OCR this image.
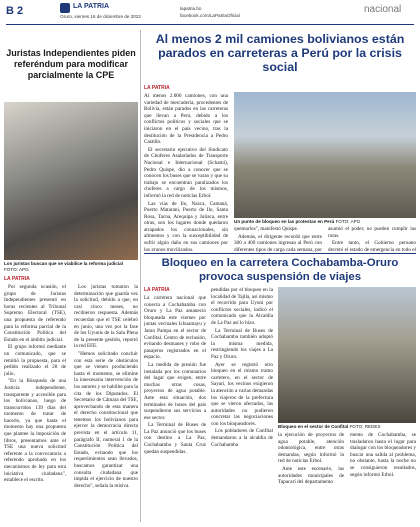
B 2	LA PATRIA
Oruro, viernes 16 de diciembre de 2022
lapatria.bo
facebook.com/LaPatriaOficial
nacional
Juristas Independientes piden referéndum para modificar parcialmente la CPE
Los juristas buscan que se viabilice la reforma judicial FOTO: APG
LA PATRIA

Por segunda ocasión, el grupo de Juristas Independientes presentó en horas recientes al Tribunal Supremo Electoral (TSE), una propuesta de referendo para la reforma parcial de la Constitución Política del Estado en el ámbito judicial.

El grupo informó mediante un comunicado, que se remitió la propuesta, para el pedido realizado el 28 de julio.

"En la Búsqueda de una Justicia independiente, transparente y accesible para los bolivianos, luego de transcurridos 139 días del momento de tratar de hacerlo, ya que hasta el momento hay una propuesta que plantee la imposición de libros, presentamos ante el TSE una nueva solicitud referente a la convocatoria a referendo aprobado en los mecanismos de ley para esta iniciativa ciudadana", establece el escrito.

Los juristas tomaron la determinación que guarda vez la solicitud, debido a que, en casi cinco meses, no recibieron respuesta. Además recuerdan que el TSE celebró en junio, una vez por la fase de los Uyunis de la Sala Plena de la presente gestión, reportó la red EFE.

"Hemos solicitado concluir con esta serie de obstáculos que se vienen produciendo hasta el momento, se elimine la innecesaria intervención de los autores y se habilite para la cita de los Diputados. El Secretario de Cámara del TSE, aprovechando de esta manera el derecho constitucional que tenemos los bolivianos para ejercer la democracia directa prevista en el artículo 11, parágrafo II, numeral 1 de la Constitución Política del Estado, evitando que los requerimientos sean llevados, buscamos garantizar una consulta ciudadana que impida el ejercicio de nuestro derecho", señala la misiva.

Al menos 2 mil camiones bolivianos están parados en carreteras a Perú por la crisis social
LA PATRIA

Al menos 2.000 camiones, con una variedad de mercadería, procedentes de Bolivia, están parados en las carreteras que llevan a Perú, debido a los conflictos políticos y sociales que se iniciaron en el país vecino, tras la destitución de la Presidencia a Pedro Castillo.

El secretario ejecutivo del Sindicato de Choferes Asalariados de Transporte Nacional e Internacional (Schatni), Pedro Quispe, dio a conocer que se conocen los buses que se varan y que su trabajo se encuentran paralizados los choferes a cargo de los mismos, informó la red de noticias Erbol.

Las vías de Ilo, Nazca, Camaná, Puerto Matarani, Puerto de Ilo, Santa Rosa, Tacna, Arequipa y Juliaca, entre otras, son los lugares donde quedaron atrapados los connacionales, sin alimentos y con la susceptibilidad de sufrir algún daño en sus camiones por los grupos movilizados.

Un punto de bloqueo en las protestas en Perú FOTO: APG

quemarlos", manifestó Quispe.

Además, el dirigente recordó que entre 300 a 400 camiones ingresan al Perú con diferentes tipos de carga cada semana, por

asumió el poder, no pueden cumplir las rutas.

Entre tanto, el Gobierno peruano decretó el estado de emergencia en todo el

Bloqueo en la carretera Cochabamba-Oruro provoca suspensión de viajes
LA PATRIA

La carretera nacional que conecta a Cochabamba con Oruro y La Paz amaneció bloqueada este viernes por juntas vecinales Ichuamayu y Jatun Pampa en el sector de Confital. Centro de reclusión, evitando desmanes y robo de pasajeros registrados en el espacio.

La medida de presión fue instalada por los comunarios del lugar que exigen, entre muchas otras cosas, proyectos de agua potable. Ante esta situación, dos terminales de buses del país suspendieron sus servicios a ese sector.

La Terminal de Buses de La Paz anunció que los buses con destino a La Paz, Cochabamba y Santa Cruz quedan suspendidas.

pendidas por el bloqueo en la localidad de Tajlla, así mismo el recorrido para Uyuni por conflictos sociales, indicó el comunicado que la Alcaldía de La Paz así lo hizo.

La Terminal de Buses de Cochabamba también adoptó la misma medida, restringiendo los viajes a La Paz y Oruro.

Ayer se registró otro bloqueo en el mismo tramo carretero, en el sector de Sayari, los vecinos exigieron la atención a varias demandas los viajeros de la prefectura que se vieron afectados, las autoridades no pudieron concretar las negociaciones con los bloqueadores.

Los pobladores de Confital demandaron a la alcaldía de Cochabamba

Bloqueo en el sector de Confital FOTO: REDES

la ejecución de proyectos de agua potable, atención odontológica, entre otras demandas, según informó la red de noticias Erbol.

Ante este escenario, las autoridades municipales de Tapacarí del departamento

mento de Cochabamba, se trasladaron hasta el lugar para dialogar con los bloqueadores y buscar una salida al problema, no obstante, hasta la noche no se consiguieron resultados, según informó Erbol.
